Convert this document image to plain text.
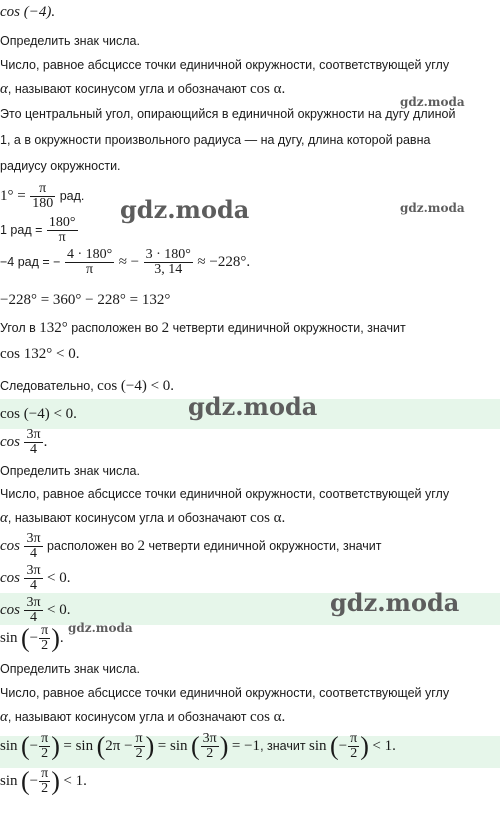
gdz.moda
gdz.moda	gdz.moda
gdz.moda
gdz.moda
gdz.moda
cos (−4).
Определить знак числа.
Число, равное абсциссе точки единичной окружности, соответствующей углу
α, называют косинусом угла и обозначают cos α.
Это центральный угол, опирающийся в единичной окружности на дугу длиной
1, а в окружности произвольного радиуса — на дугу, длина которой равна
радиусу окружности.
$1^\circ = \frac{\pi}{180}$ рад.
1 рад = $\frac{180^\circ}{\pi}$
−4 рад = − $\frac{4 \cdot 180^\circ}{\pi}$ ≈ − $\frac{3 \cdot 180^\circ}{3, 14} \approx -228^\circ$.
−228° = 360° − 228° = 132°
Угол в 132° расположен во 2 четверти единичной окружности, значит
cos 132° < 0.
Следовательно, cos (−4) < 0.
cos (−4) < 0.
$\cos \frac{3\pi}{4}$ .
Определить знак числа.
Число, равное абсциссе точки единичной окружности, соответствующей углу
α, называют косинусом угла и обозначают cos α.
$\cos \frac{3\pi}{4}$ расположен во 2 четверти единичной окружности, значит
$\cos \frac{3\pi}{4} < 0$.
$\cos \frac{3\pi}{4} < 0$.
sin (− $\frac{\pi}{2}$ ).
Определить знак числа.
Число, равное абсциссе точки единичной окружности, соответствующей углу
α, называют косинусом угла и обозначают cos α.
sin (− $\frac{\pi}{2}$ ) = $\sin (2\pi - \frac{\pi}{2}$ ) = sin ( $\frac{3\pi}{2}$ ) = −1, значит sin (− $\frac{\pi}{2}$ ) < 1.
sin (− $\frac{\pi}{2}$ ) < 1.
